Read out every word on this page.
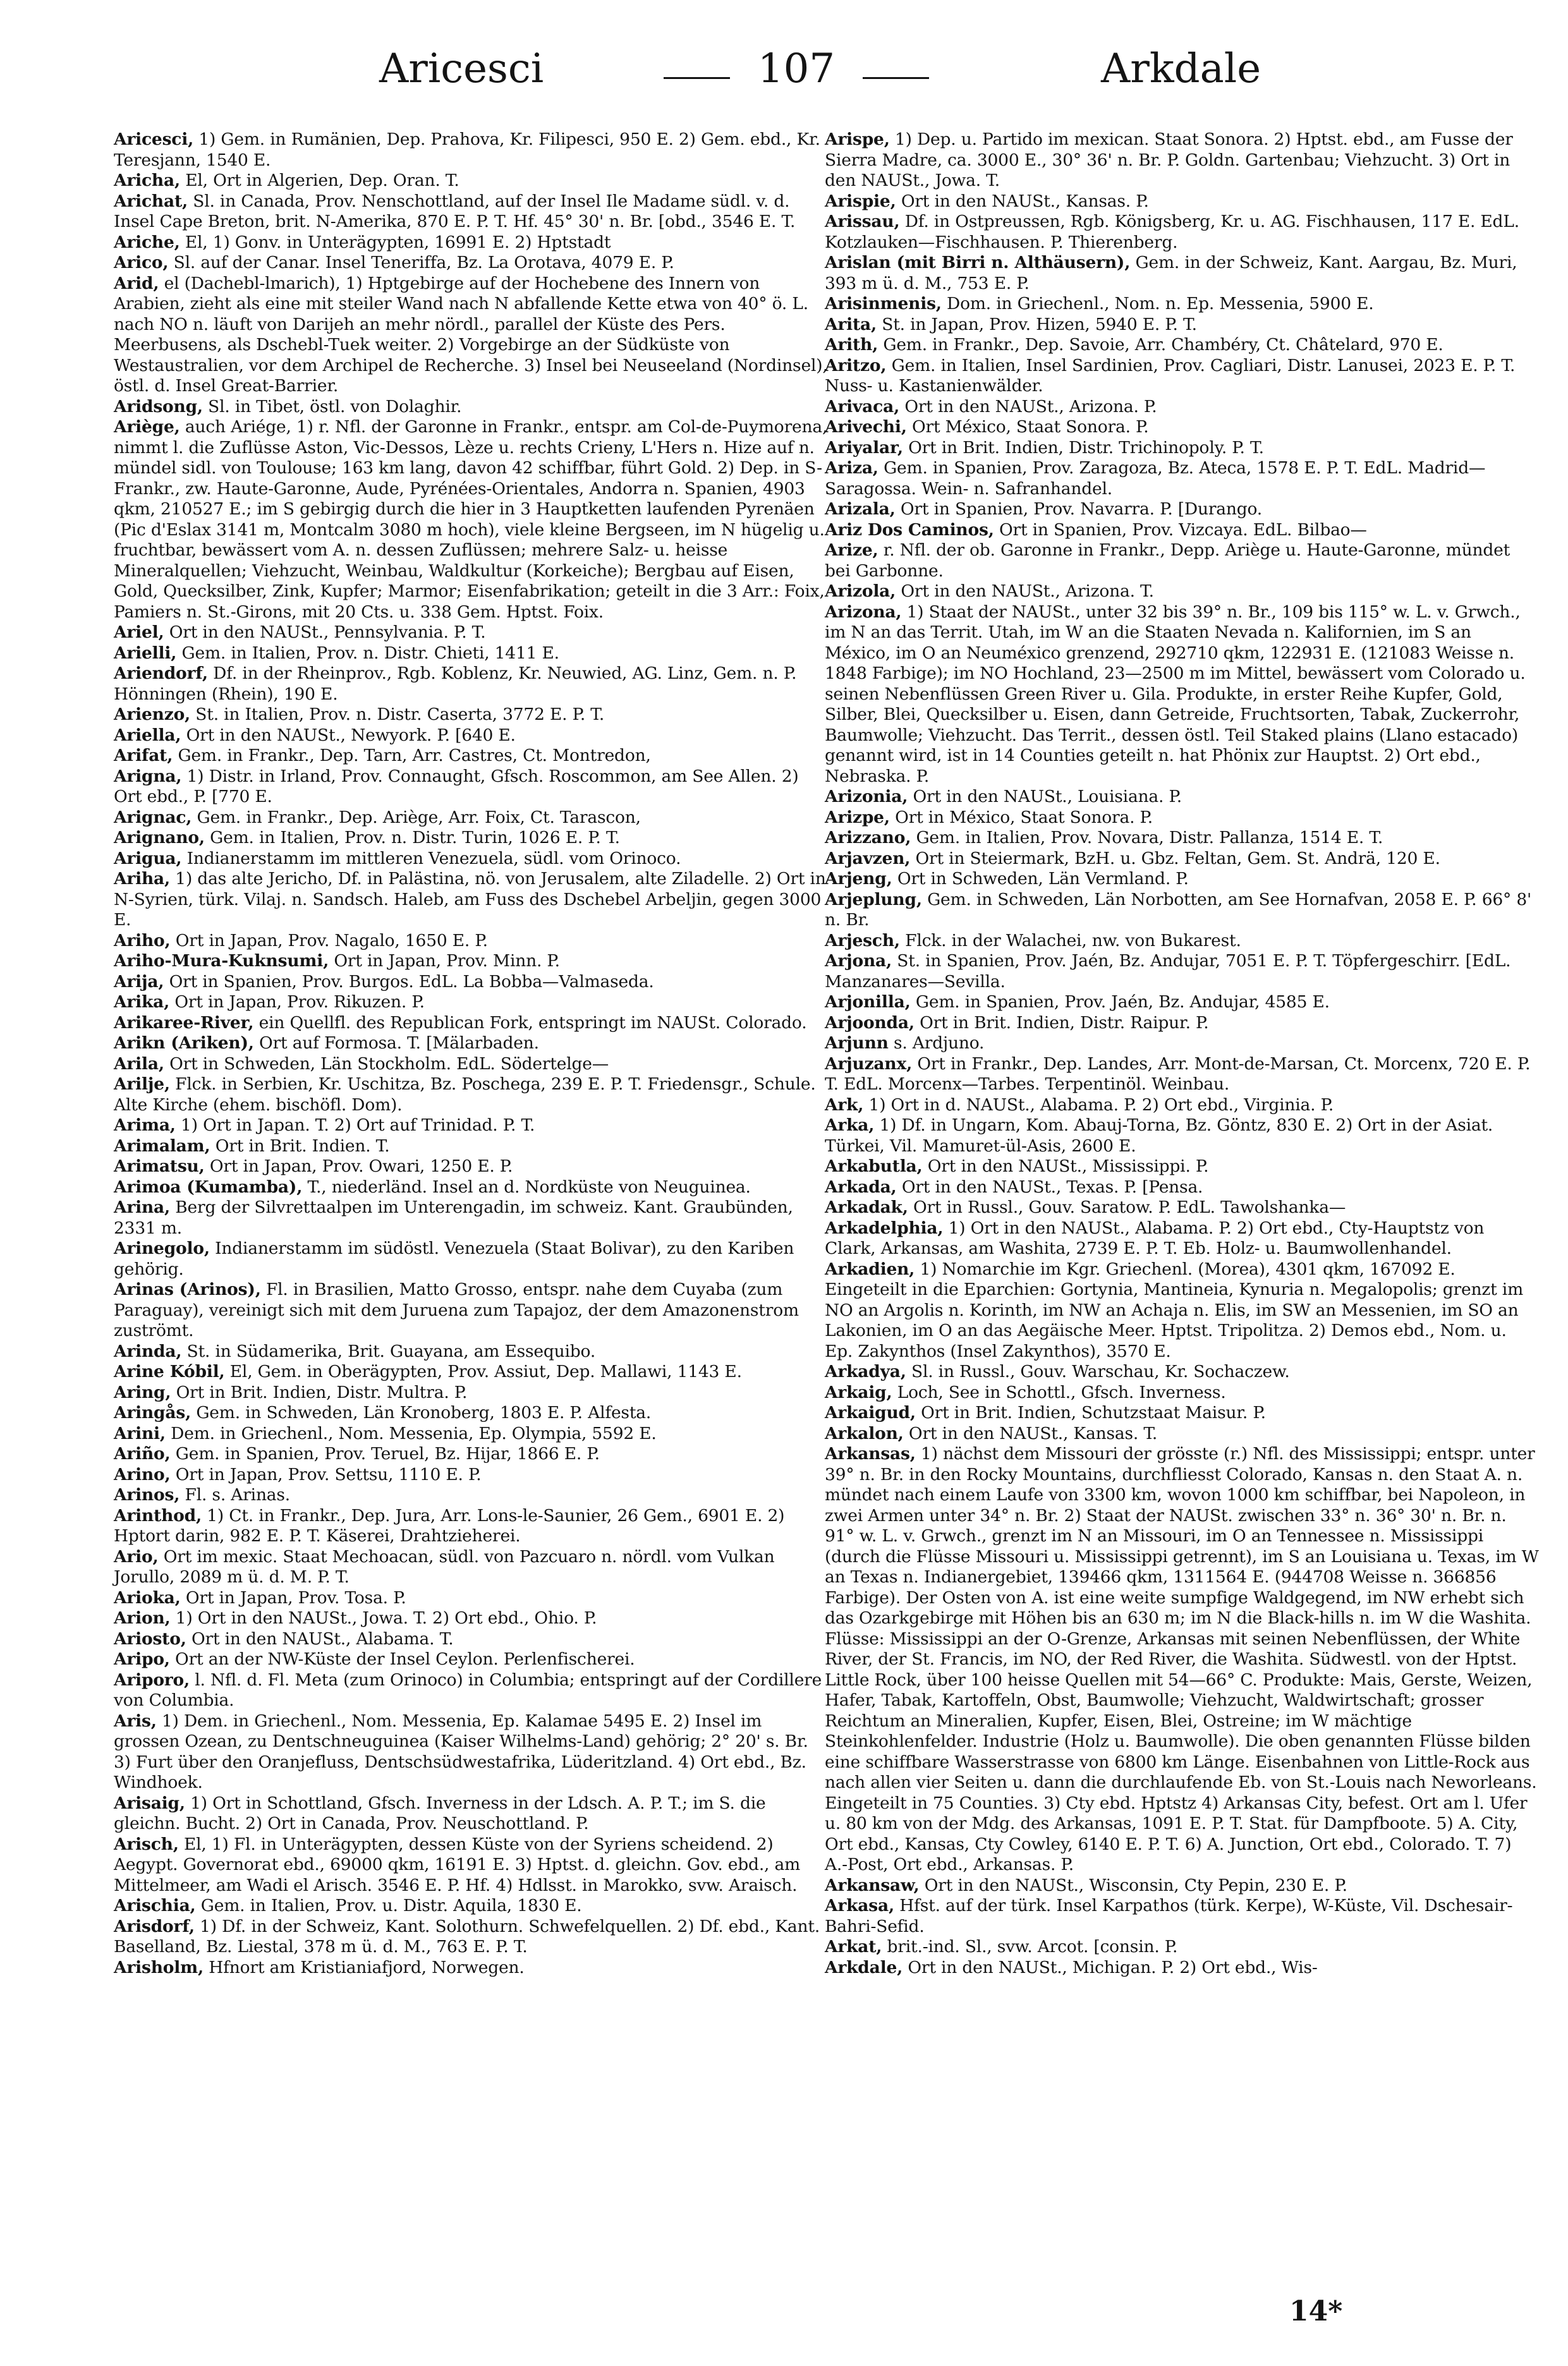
Aricesci	107	Arkdale

Aricesci, 1) Gem. in Rumänien, Dep. Prahova, Kr. Filipesci, 950 E. 2) Gem. ebd., Kr. Teresjann, 1540 E.

Aricha, El, Ort in Algerien, Dep. Oran. T.

Arichat, Sl. in Canada, Prov. Nenschottland, auf der Insel Ile Madame südl. v. d. Insel Cape Breton, brit. N-Amerika, 870 E. P. T. Hf. 45° 30' n. Br. [obd., 3546 E. T.

Ariche, El, 1) Gonv. in Unterägypten, 16991 E. 2) Hptstadt

Arico, Sl. auf der Canar. Insel Teneriffa, Bz. La Orotava, 4079 E. P.

Arid, el (Dachebl-lmarich), 1) Hptgebirge auf der Hochebene des Innern von Arabien, zieht als eine mit steiler Wand nach N abfallende Kette etwa von 40° ö. L. nach NO n. läuft von Darijeh an mehr nördl., parallel der Küste des Pers. Meerbusens, als Dschebl-Tuek weiter. 2) Vorgebirge an der Südküste von Westaustralien, vor dem Archipel de Recherche. 3) Insel bei Neuseeland (Nordinsel), östl. d. Insel Great-Barrier.

Aridsong, Sl. in Tibet, östl. von Dolaghir.

Ariège, auch Ariége, 1) r. Nfl. der Garonne in Frankr., entspr. am Col-de-Puymorena, nimmt l. die Zuflüsse Aston, Vic-Dessos, Lèze u. rechts Crieny, L'Hers n. Hize auf n. mündel sidl. von Toulouse; 163 km lang, davon 42 schiffbar, führt Gold. 2) Dep. in S-Frankr., zw. Haute-Garonne, Aude, Pyrénées-Orientales, Andorra n. Spanien, 4903 qkm, 210527 E.; im S gebirgig durch die hier in 3 Hauptketten laufenden Pyrenäen (Pic d'Eslax 3141 m, Montcalm 3080 m hoch), viele kleine Bergseen, im N hügelig u. fruchtbar, bewässert vom A. n. dessen Zuflüssen; mehrere Salz- u. heisse Mineralquellen; Viehzucht, Weinbau, Waldkultur (Korkeiche); Bergbau auf Eisen, Gold, Quecksilber, Zink, Kupfer; Marmor; Eisenfabrikation; geteilt in die 3 Arr.: Foix, Pamiers n. St.-Girons, mit 20 Cts. u. 338 Gem. Hptst. Foix.

Ariel, Ort in den NAUSt., Pennsylvania. P. T.

Arielli, Gem. in Italien, Prov. n. Distr. Chieti, 1411 E.

Ariendorf, Df. in der Rheinprov., Rgb. Koblenz, Kr. Neuwied, AG. Linz, Gem. n. P. Hönningen (Rhein), 190 E.

Arienzo, St. in Italien, Prov. n. Distr. Caserta, 3772 E. P. T.

Ariella, Ort in den NAUSt., Newyork. P. [640 E.

Arifat, Gem. in Frankr., Dep. Tarn, Arr. Castres, Ct. Montredon,

Arigna, 1) Distr. in Irland, Prov. Connaught, Gfsch. Roscommon, am See Allen. 2) Ort ebd., P. [770 E.

Arignac, Gem. in Frankr., Dep. Ariège, Arr. Foix, Ct. Tarascon,

Arignano, Gem. in Italien, Prov. n. Distr. Turin, 1026 E. P. T.

Arigua, Indianerstamm im mittleren Venezuela, südl. vom Orinoco.

Ariha, 1) das alte Jericho, Df. in Palästina, nö. von Jerusalem, alte Ziladelle. 2) Ort in N-Syrien, türk. Vilaj. n. Sandsch. Haleb, am Fuss des Dschebel Arbeljin, gegen 3000 E.

Ariho, Ort in Japan, Prov. Nagalo, 1650 E. P.

Ariho-Mura-Kuknsumi, Ort in Japan, Prov. Minn. P.

Arija, Ort in Spanien, Prov. Burgos. EdL. La Bobba—Valmaseda.

Arika, Ort in Japan, Prov. Rikuzen. P.

Arikaree-River, ein Quellfl. des Republican Fork, entspringt im NAUSt. Colorado.

Arikn (Ariken), Ort auf Formosa. T. [Mälarbaden.

Arila, Ort in Schweden, Län Stockholm. EdL. Södertelge—

Arilje, Flck. in Serbien, Kr. Uschitza, Bz. Poschega, 239 E. P. T. Friedensgr., Schule. Alte Kirche (ehem. bischöfl. Dom).

Arima, 1) Ort in Japan. T. 2) Ort auf Trinidad. P. T.

Arimalam, Ort in Brit. Indien. T.

Arimatsu, Ort in Japan, Prov. Owari, 1250 E. P.

Arimoa (Kumamba), T., niederländ. Insel an d. Nordküste von Neuguinea.

Arina, Berg der Silvrettaalpen im Unterengadin, im schweiz. Kant. Graubünden, 2331 m.

Arinegolo, Indianerstamm im südöstl. Venezuela (Staat Bolivar), zu den Kariben gehörig.

Arinas (Arinos), Fl. in Brasilien, Matto Grosso, entspr. nahe dem Cuyaba (zum Paraguay), vereinigt sich mit dem Juruena zum Tapajoz, der dem Amazonenstrom zuströmt.

Arinda, St. in Südamerika, Brit. Guayana, am Essequibo.

Arine Kóbil, El, Gem. in Oberägypten, Prov. Assiut, Dep. Mallawi, 1143 E.

Aring, Ort in Brit. Indien, Distr. Multra. P.

Aringås, Gem. in Schweden, Län Kronoberg, 1803 E. P. Alfesta.

Arini, Dem. in Griechenl., Nom. Messenia, Ep. Olympia, 5592 E.

Ariño, Gem. in Spanien, Prov. Teruel, Bz. Hijar, 1866 E. P.

Arino, Ort in Japan, Prov. Settsu, 1110 E. P.

Arinos, Fl. s. Arinas.

Arinthod, 1) Ct. in Frankr., Dep. Jura, Arr. Lons-le-Saunier, 26 Gem., 6901 E. 2) Hptort darin, 982 E. P. T. Käserei, Drahtzieherei.

Ario, Ort im mexic. Staat Mechoacan, südl. von Pazcuaro n. nördl. vom Vulkan Jorullo, 2089 m ü. d. M. P. T.

Arioka, Ort in Japan, Prov. Tosa. P.

Arion, 1) Ort in den NAUSt., Jowa. T. 2) Ort ebd., Ohio. P.

Ariosto, Ort in den NAUSt., Alabama. T.

Aripo, Ort an der NW-Küste der Insel Ceylon. Perlenfischerei.

Ariporo, l. Nfl. d. Fl. Meta (zum Orinoco) in Columbia; entspringt auf der Cordillere von Columbia.

Aris, 1) Dem. in Griechenl., Nom. Messenia, Ep. Kalamae 5495 E. 2) Insel im grossen Ozean, zu Dentschneuguinea (Kaiser Wilhelms-Land) gehörig; 2° 20' s. Br. 3) Furt über den Oranjefluss, Dentschsüdwestafrika, Lüderitzland. 4) Ort ebd., Bz. Windhoek.

Arisaig, 1) Ort in Schottland, Gfsch. Inverness in der Ldsch. A. P. T.; im S. die gleichn. Bucht. 2) Ort in Canada, Prov. Neuschottland. P.

Arisch, El, 1) Fl. in Unterägypten, dessen Küste von der Syriens scheidend. 2) Aegypt. Governorat ebd., 69000 qkm, 16191 E. 3) Hptst. d. gleichn. Gov. ebd., am Mittelmeer, am Wadi el Arisch. 3546 E. P. Hf. 4) Hdlsst. in Marokko, svw. Araisch.

Arischia, Gem. in Italien, Prov. u. Distr. Aquila, 1830 E.

Arisdorf, 1) Df. in der Schweiz, Kant. Solothurn. Schwefelquellen. 2) Df. ebd., Kant. Baselland, Bz. Liestal, 378 m ü. d. M., 763 E. P. T.

Arisholm, Hfnort am Kristianiafjord, Norwegen.

Arispe, 1) Dep. u. Partido im mexican. Staat Sonora. 2) Hptst. ebd., am Fusse der Sierra Madre, ca. 3000 E., 30° 36' n. Br. P. Goldn. Gartenbau; Viehzucht. 3) Ort in den NAUSt., Jowa. T.

Arispie, Ort in den NAUSt., Kansas. P.

Arissau, Df. in Ostpreussen, Rgb. Königsberg, Kr. u. AG. Fischhausen, 117 E. EdL. Kotzlauken—Fischhausen. P. Thierenberg.

Arislan (mit Birri n. Althäusern), Gem. in der Schweiz, Kant. Aargau, Bz. Muri, 393 m ü. d. M., 753 E. P.

Arisinmenis, Dom. in Griechenl., Nom. n. Ep. Messenia, 5900 E.

Arita, St. in Japan, Prov. Hizen, 5940 E. P. T.

Arith, Gem. in Frankr., Dep. Savoie, Arr. Chambéry, Ct. Châtelard, 970 E.

Aritzo, Gem. in Italien, Insel Sardinien, Prov. Cagliari, Distr. Lanusei, 2023 E. P. T. Nuss- u. Kastanienwälder.

Arivaca, Ort in den NAUSt., Arizona. P.

Arivechi, Ort México, Staat Sonora. P.

Ariyalar, Ort in Brit. Indien, Distr. Trichinopoly. P. T.

Ariza, Gem. in Spanien, Prov. Zaragoza, Bz. Ateca, 1578 E. P. T. EdL. Madrid—Saragossa. Wein- n. Safranhandel.

Arizala, Ort in Spanien, Prov. Navarra. P. [Durango.

Ariz Dos Caminos, Ort in Spanien, Prov. Vizcaya. EdL. Bilbao—

Arize, r. Nfl. der ob. Garonne in Frankr., Depp. Ariège u. Haute-Garonne, mündet bei Garbonne.

Arizola, Ort in den NAUSt., Arizona. T.

Arizona, 1) Staat der NAUSt., unter 32 bis 39° n. Br., 109 bis 115° w. L. v. Grwch., im N an das Territ. Utah, im W an die Staaten Nevada n. Kalifornien, im S an México, im O an Neuméxico grenzend, 292710 qkm, 122931 E. (121083 Weisse n. 1848 Farbige); im NO Hochland, 23—2500 m im Mittel, bewässert vom Colorado u. seinen Nebenflüssen Green River u. Gila. Produkte, in erster Reihe Kupfer, Gold, Silber, Blei, Quecksilber u. Eisen, dann Getreide, Fruchtsorten, Tabak, Zuckerrohr, Baumwolle; Viehzucht. Das Territ., dessen östl. Teil Staked plains (Llano estacado) genannt wird, ist in 14 Counties geteilt n. hat Phönix zur Hauptst. 2) Ort ebd., Nebraska. P.

Arizonia, Ort in den NAUSt., Louisiana. P.

Arizpe, Ort in México, Staat Sonora. P.

Arizzano, Gem. in Italien, Prov. Novara, Distr. Pallanza, 1514 E. T.

Arjavzen, Ort in Steiermark, BzH. u. Gbz. Feltan, Gem. St. Andrä, 120 E.

Arjeng, Ort in Schweden, Län Vermland. P.

Arjeplung, Gem. in Schweden, Län Norbotten, am See Hornafvan, 2058 E. P. 66° 8' n. Br.

Arjesch, Flck. in der Walachei, nw. von Bukarest.

Arjona, St. in Spanien, Prov. Jaén, Bz. Andujar, 7051 E. P. T. Töpfergeschirr. [EdL. Manzanares—Sevilla.

Arjonilla, Gem. in Spanien, Prov. Jaén, Bz. Andujar, 4585 E.

Arjoonda, Ort in Brit. Indien, Distr. Raipur. P.

Arjunn s. Ardjuno.

Arjuzanx, Ort in Frankr., Dep. Landes, Arr. Mont-de-Marsan, Ct. Morcenx, 720 E. P. T. EdL. Morcenx—Tarbes. Terpentinöl. Weinbau.

Ark, 1) Ort in d. NAUSt., Alabama. P. 2) Ort ebd., Virginia. P.

Arka, 1) Df. in Ungarn, Kom. Abauj-Torna, Bz. Göntz, 830 E. 2) Ort in der Asiat. Türkei, Vil. Mamuret-ül-Asis, 2600 E.

Arkabutla, Ort in den NAUSt., Mississippi. P.

Arkada, Ort in den NAUSt., Texas. P. [Pensa.

Arkadak, Ort in Russl., Gouv. Saratow. P. EdL. Tawolshanka—

Arkadelphia, 1) Ort in den NAUSt., Alabama. P. 2) Ort ebd., Cty-Hauptstz von Clark, Arkansas, am Washita, 2739 E. P. T. Eb. Holz- u. Baumwollenhandel.

Arkadien, 1) Nomarchie im Kgr. Griechenl. (Morea), 4301 qkm, 167092 E. Eingeteilt in die Eparchien: Gortynia, Mantineia, Kynuria n. Megalopolis; grenzt im NO an Argolis n. Korinth, im NW an Achaja n. Elis, im SW an Messenien, im SO an Lakonien, im O an das Aegäische Meer. Hptst. Tripolitza. 2) Demos ebd., Nom. u. Ep. Zakynthos (Insel Zakynthos), 3570 E.

Arkadya, Sl. in Russl., Gouv. Warschau, Kr. Sochaczew.

Arkaig, Loch, See in Schottl., Gfsch. Inverness.

Arkaigud, Ort in Brit. Indien, Schutzstaat Maisur. P.

Arkalon, Ort in den NAUSt., Kansas. T.

Arkansas, 1) nächst dem Missouri der grösste (r.) Nfl. des Mississippi; entspr. unter 39° n. Br. in den Rocky Mountains, durchfliesst Colorado, Kansas n. den Staat A. n. mündet nach einem Laufe von 3300 km, wovon 1000 km schiffbar, bei Napoleon, in zwei Armen unter 34° n. Br. 2) Staat der NAUSt. zwischen 33° n. 36° 30' n. Br. n. 91° w. L. v. Grwch., grenzt im N an Missouri, im O an Tennessee n. Mississippi (durch die Flüsse Missouri u. Mississippi getrennt), im S an Louisiana u. Texas, im W an Texas n. Indianergebiet, 139466 qkm, 1311564 E. (944708 Weisse n. 366856 Farbige). Der Osten von A. ist eine weite sumpfige Waldgegend, im NW erhebt sich das Ozarkgebirge mit Höhen bis an 630 m; im N die Black-hills n. im W die Washita. Flüsse: Mississippi an der O-Grenze, Arkansas mit seinen Nebenflüssen, der White River, der St. Francis, im NO, der Red River, die Washita. Südwestl. von der Hptst. Little Rock, über 100 heisse Quellen mit 54—66° C. Produkte: Mais, Gerste, Weizen, Hafer, Tabak, Kartoffeln, Obst, Baumwolle; Viehzucht, Waldwirtschaft; grosser Reichtum an Mineralien, Kupfer, Eisen, Blei, Ostreine; im W mächtige Steinkohlenfelder. Industrie (Holz u. Baumwolle). Die oben genannten Flüsse bilden eine schiffbare Wasserstrasse von 6800 km Länge. Eisenbahnen von Little-Rock aus nach allen vier Seiten u. dann die durchlaufende Eb. von St.-Louis nach Neworleans. Eingeteilt in 75 Counties. 3) Cty ebd. Hptstz 4) Arkansas City, befest. Ort am l. Ufer u. 80 km von der Mdg. des Arkansas, 1091 E. P. T. Stat. für Dampfboote. 5) A. City, Ort ebd., Kansas, Cty Cowley, 6140 E. P. T. 6) A. Junction, Ort ebd., Colorado. T. 7) A.-Post, Ort ebd., Arkansas. P.

Arkansaw, Ort in den NAUSt., Wisconsin, Cty Pepin, 230 E. P.

Arkasa, Hfst. auf der türk. Insel Karpathos (türk. Kerpe), W-Küste, Vil. Dschesair-Bahri-Sefid.

Arkat, brit.-ind. Sl., svw. Arcot. [consin. P.

Arkdale, Ort in den NAUSt., Michigan. P. 2) Ort ebd., Wis-

14*
